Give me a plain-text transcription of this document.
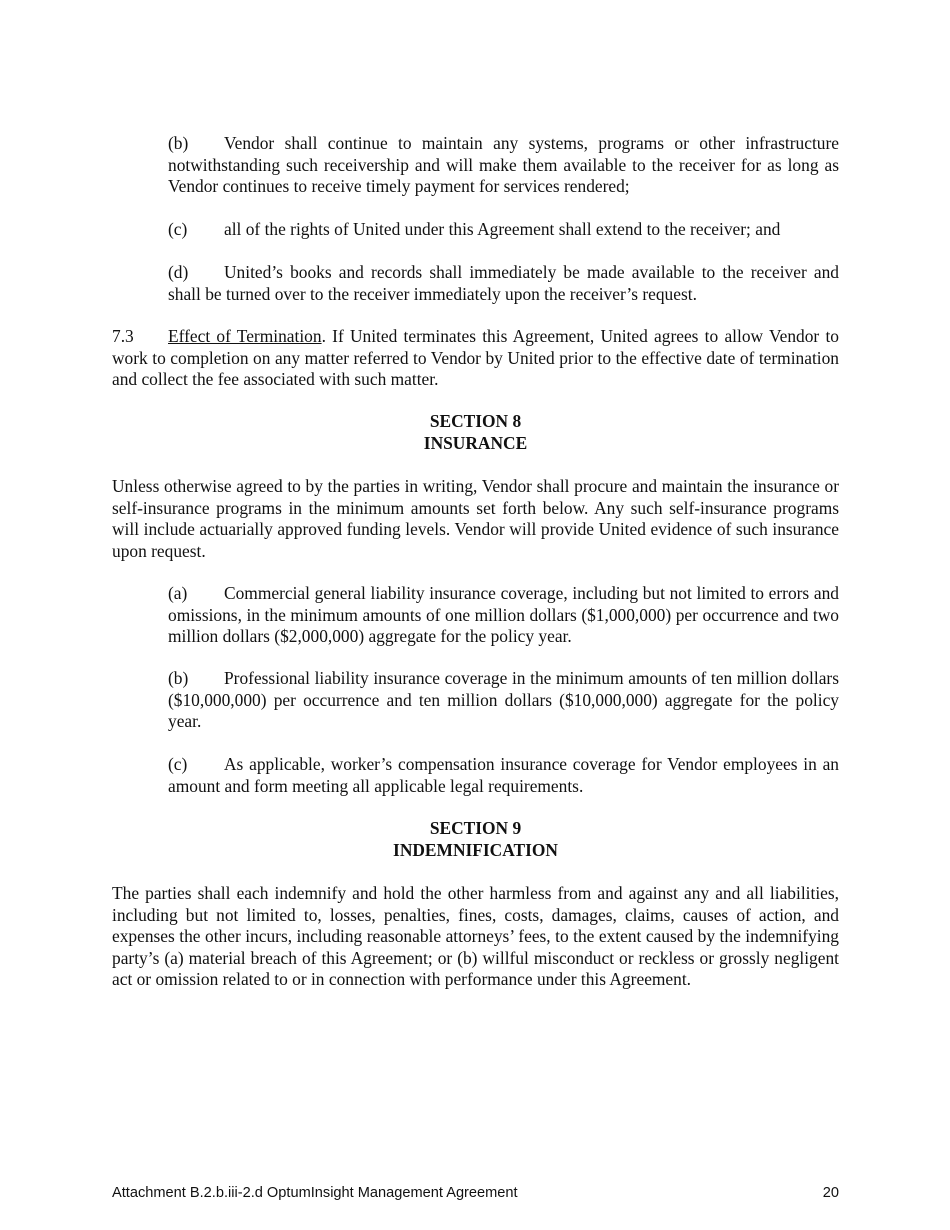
(b) Vendor shall continue to maintain any systems, programs or other infrastructure notwithstanding such receivership and will make them available to the receiver for as long as Vendor continues to receive timely payment for services rendered;

(c) all of the rights of United under this Agreement shall extend to the receiver; and

(d) United’s books and records shall immediately be made available to the receiver and shall be turned over to the receiver immediately upon the receiver’s request.

7.3 Effect of Termination. If United terminates this Agreement, United agrees to allow Vendor to work to completion on any matter referred to Vendor by United prior to the effective date of termination and collect the fee associated with such matter.

SECTION 8
INSURANCE

Unless otherwise agreed to by the parties in writing, Vendor shall procure and maintain the insurance or self-insurance programs in the minimum amounts set forth below. Any such self-insurance programs will include actuarially approved funding levels. Vendor will provide United evidence of such insurance upon request.

(a) Commercial general liability insurance coverage, including but not limited to errors and omissions, in the minimum amounts of one million dollars ($1,000,000) per occurrence and two million dollars ($2,000,000) aggregate for the policy year.

(b) Professional liability insurance coverage in the minimum amounts of ten million dollars ($10,000,000) per occurrence and ten million dollars ($10,000,000) aggregate for the policy year.

(c) As applicable, worker’s compensation insurance coverage for Vendor employees in an amount and form meeting all applicable legal requirements.

SECTION 9
INDEMNIFICATION

The parties shall each indemnify and hold the other harmless from and against any and all liabilities, including but not limited to, losses, penalties, fines, costs, damages, claims, causes of action, and expenses the other incurs, including reasonable attorneys’ fees, to the extent caused by the indemnifying party’s (a) material breach of this Agreement; or (b) willful misconduct or reckless or grossly negligent act or omission related to or in connection with performance under this Agreement.

Attachment B.2.b.iii-2.d OptumInsight Management Agreement	20
